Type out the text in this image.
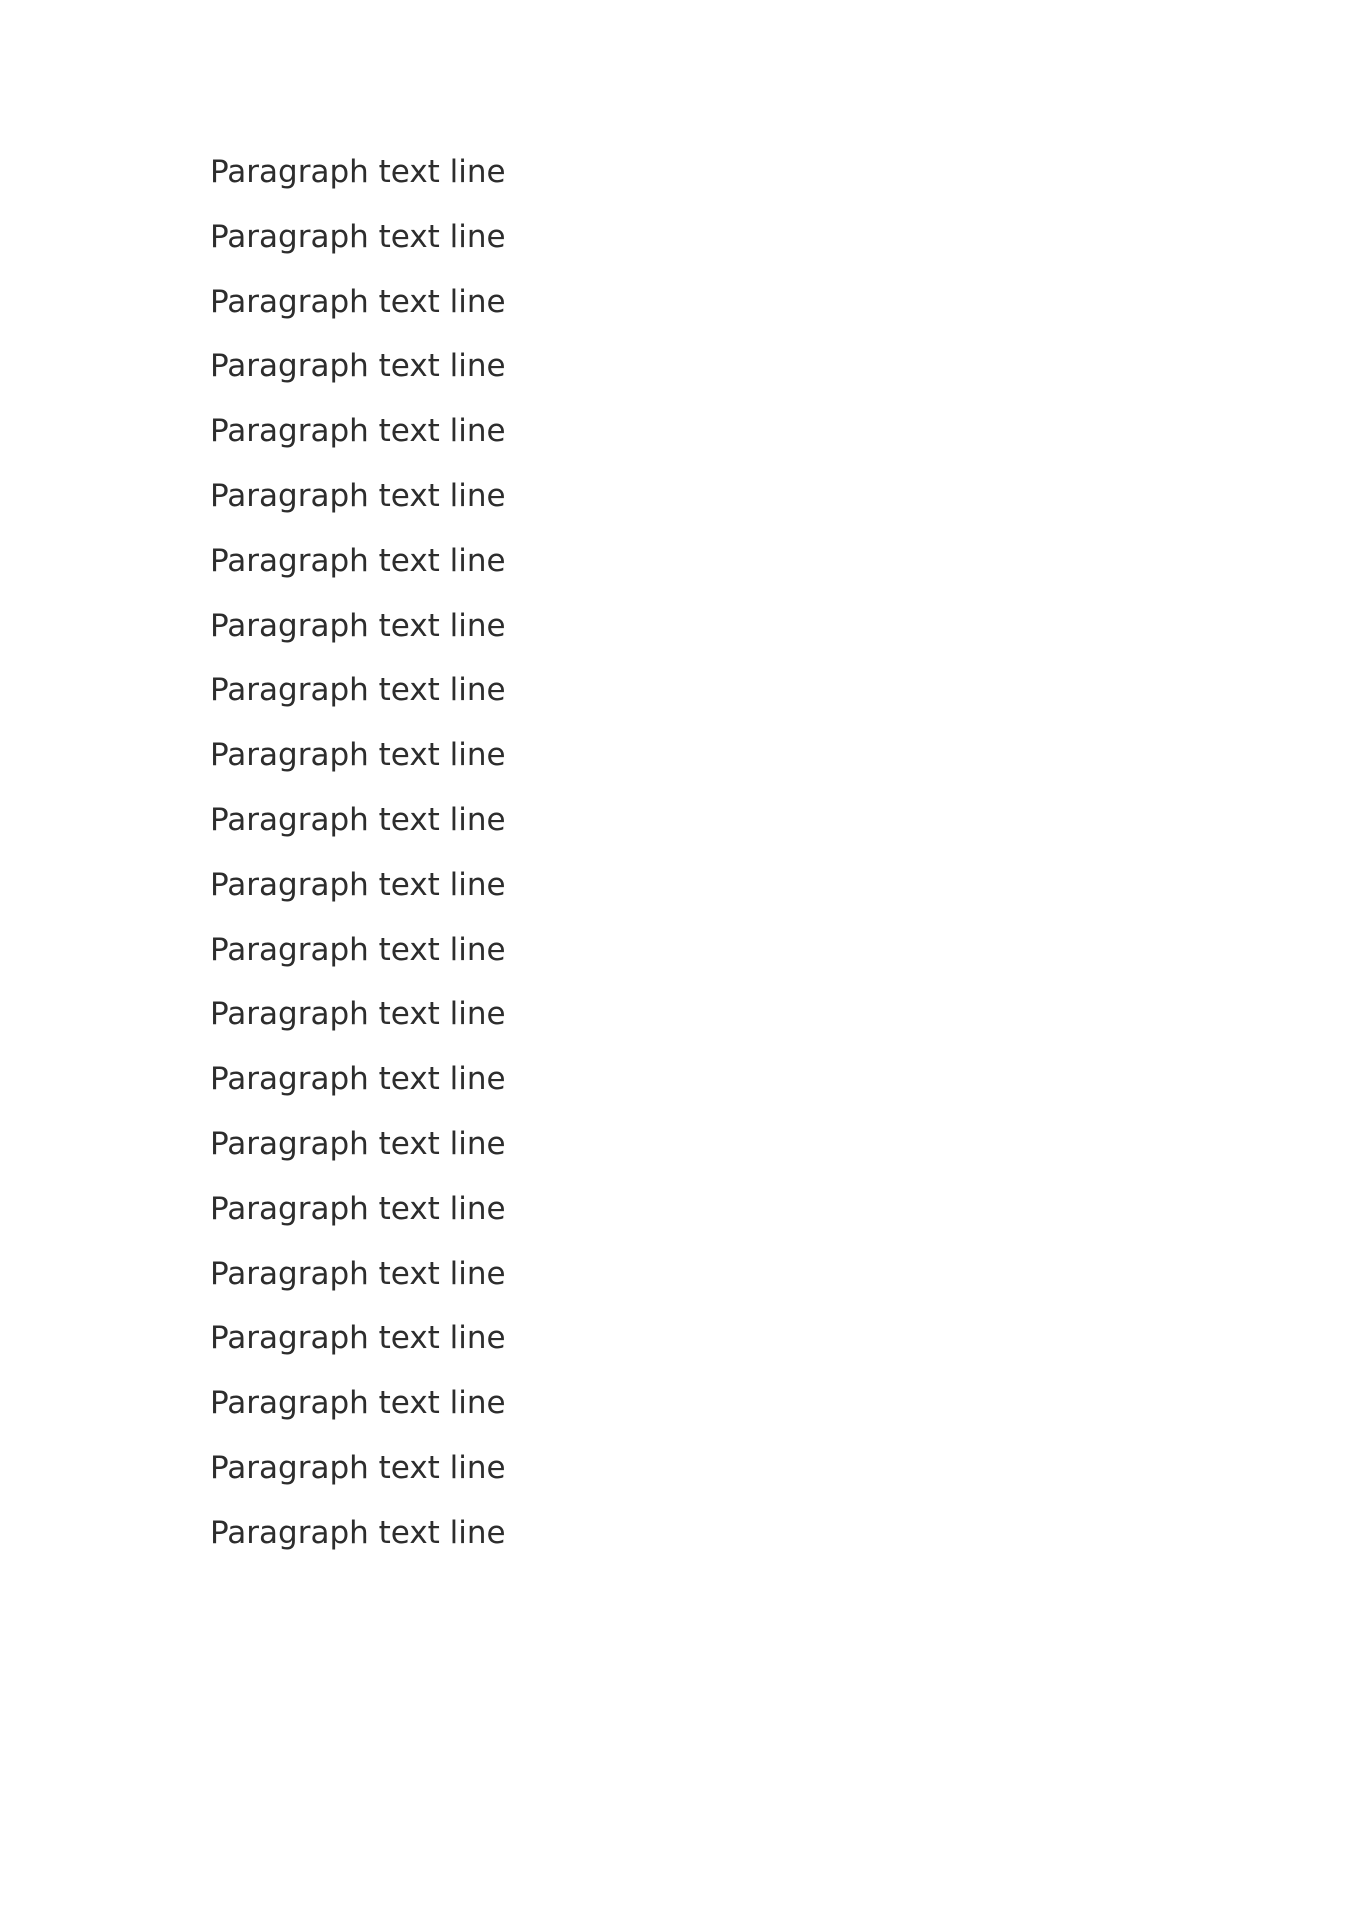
Paragraph text line
Paragraph text line
Paragraph text line
Paragraph text line
Paragraph text line
Paragraph text line
Paragraph text line
Paragraph text line
Paragraph text line
Paragraph text line
Paragraph text line
Paragraph text line
Paragraph text line
Paragraph text line
Paragraph text line
Paragraph text line
Paragraph text line
Paragraph text line
Paragraph text line
Paragraph text line
Paragraph text line
Paragraph text line
